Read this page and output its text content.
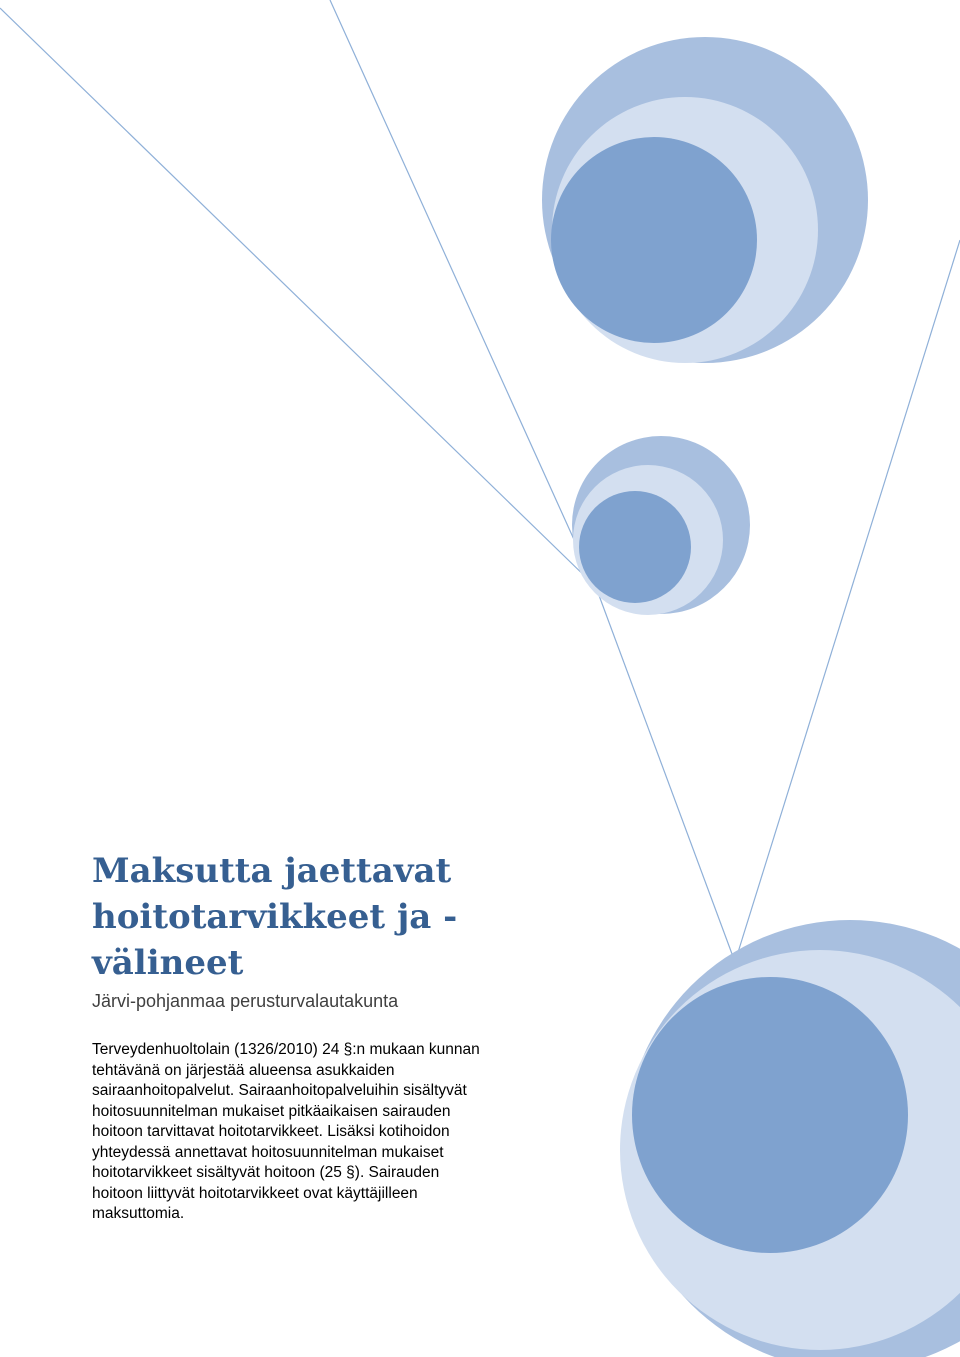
Maksutta jaettavat
hoitotarvikkeet ja -
välineet

Järvi-pohjanmaa perusturvalautakunta

Terveydenhuoltolain (1326/2010) 24 §:n mukaan kunnan
tehtävänä on järjestää alueensa asukkaiden
sairaanhoitopalvelut. Sairaanhoitopalveluihin sisältyvät
hoitosuunnitelman mukaiset pitkäaikaisen sairauden
hoitoon tarvittavat hoitotarvikkeet. Lisäksi kotihoidon
yhteydessä annettavat hoitosuunnitelman mukaiset
hoitotarvikkeet sisältyvät hoitoon (25 §). Sairauden
hoitoon liittyvät hoitotarvikkeet ovat käyttäjilleen
maksuttomia.
